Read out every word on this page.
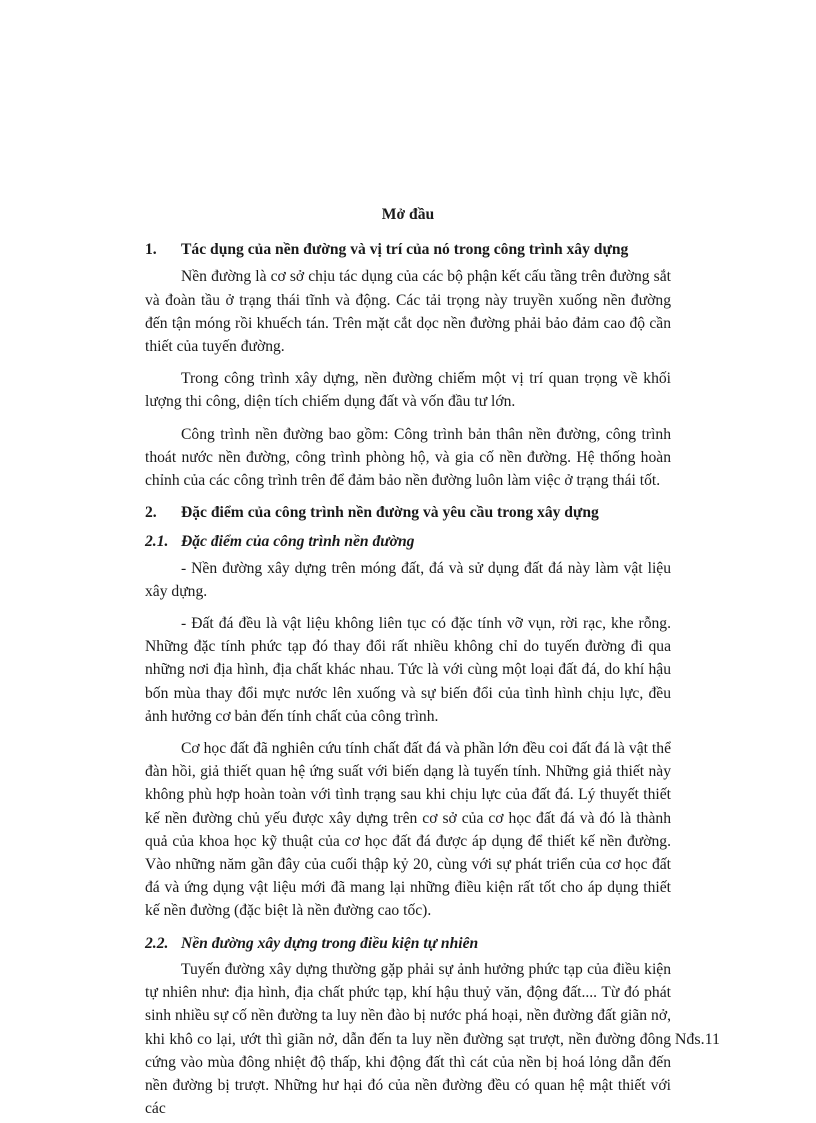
Mở đầu
1. Tác dụng của nền đường và vị trí của nó trong công trình xây dựng

Nền đường là cơ sở chịu tác dụng của các bộ phận kết cấu tầng trên đường sắt và đoàn tầu ở trạng thái tĩnh và động. Các tải trọng này truyền xuống nền đường đến tận móng rồi khuếch tán. Trên mặt cắt dọc nền đường phải bảo đảm cao độ cần thiết của tuyến đường.

Trong công trình xây dựng, nền đường chiếm một vị trí quan trọng về khối lượng thi công, diện tích chiếm dụng đất và vốn đầu tư lớn.

Công trình nền đường bao gồm: Công trình bản thân nền đường, công trình thoát nước nền đường, công trình phòng hộ, và gia cố nền đường. Hệ thống hoàn chỉnh của các công trình trên để đảm bảo nền đường luôn làm việc ở trạng thái tốt.

2. Đặc điểm của công trình nền đường và yêu cầu trong xây dựng
2.1. Đặc điểm của công trình nền đường

- Nền đường xây dựng trên móng đất, đá và sử dụng đất đá này làm vật liệu xây dựng.

- Đất đá đều là vật liệu không liên tục có đặc tính vỡ vụn, rời rạc, khe rỗng. Những đặc tính phức tạp đó thay đổi rất nhiều không chỉ do tuyến đường đi qua những nơi địa hình, địa chất khác nhau. Tức là với cùng một loại đất đá, do khí hậu bốn mùa thay đổi mực nước lên xuống và sự biến đổi của tình hình chịu lực, đều ảnh hưởng cơ bản đến tính chất của công trình.

Cơ học đất đã nghiên cứu tính chất đất đá và phần lớn đều coi đất đá là vật thể đàn hồi, giả thiết quan hệ ứng suất với biến dạng là tuyến tính. Những giả thiết này không phù hợp hoàn toàn với tình trạng sau khi chịu lực của đất đá. Lý thuyết thiết kế nền đường chủ yếu được xây dựng trên cơ sở của cơ học đất đá và đó là thành quả của khoa học kỹ thuật của cơ học đất đá được áp dụng để thiết kế nền đường. Vào những năm gần đây của cuối thập kỷ 20, cùng với sự phát triển của cơ học đất đá và ứng dụng vật liệu mới đã mang lại những điều kiện rất tốt cho áp dụng thiết kế nền đường (đặc biệt là nền đường cao tốc).

2.2. Nền đường xây dựng trong điều kiện tự nhiên

Tuyến đường xây dựng thường gặp phải sự ảnh hưởng phức tạp của điều kiện tự nhiên như: địa hình, địa chất phức tạp, khí hậu thuỷ văn, động đất.... Từ đó phát sinh nhiều sự cố nền đường ta luy nền đào bị nước phá hoại, nền đường đất giãn nở, khi khô co lại, ướt thì giãn nở, dẫn đến ta luy nền đường sạt trượt, nền đường đông cứng vào mùa đông nhiệt độ thấp, khi động đất thì cát của nền bị hoá lỏng dẫn đến nền đường bị trượt. Những hư hại đó của nền đường đều có quan hệ mật thiết với các

Nđs.11
